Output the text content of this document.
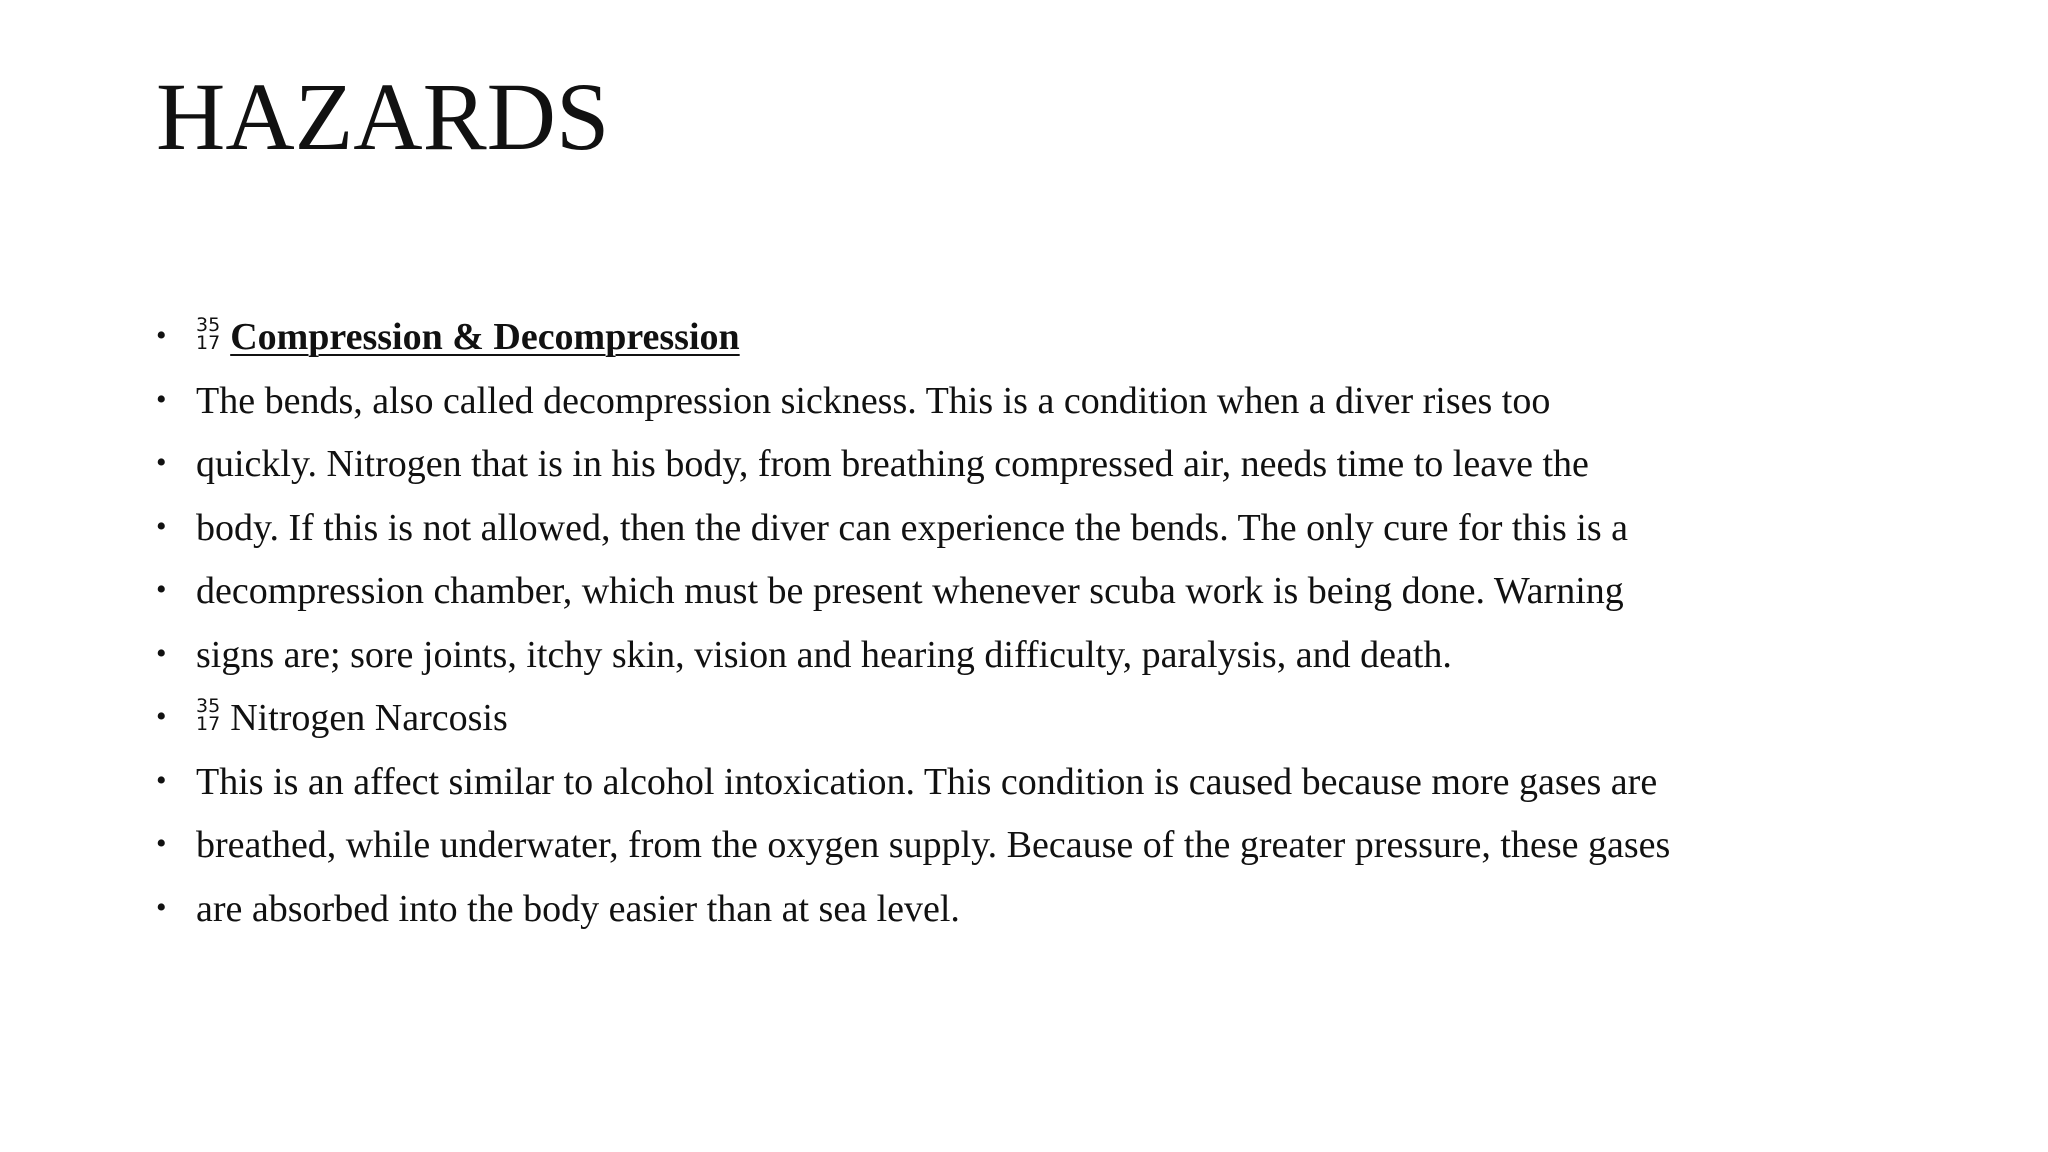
HAZARDS
•	35
17 Compression & Decompression
• The bends, also called decompression sickness. This is a condition when a diver rises too
• quickly. Nitrogen that is in his body, from breathing compressed air, needs time to leave the
• body. If this is not allowed, then the diver can experience the bends. The only cure for this is a
• decompression chamber, which must be present whenever scuba work is being done. Warning
• signs are; sore joints, itchy skin, vision and hearing difficulty, paralysis, and death.
•	35
17 Nitrogen Narcosis
• This is an affect similar to alcohol intoxication. This condition is caused because more gases are
• breathed, while underwater, from the oxygen supply. Because of the greater pressure, these gases
• are absorbed into the body easier than at sea level.
